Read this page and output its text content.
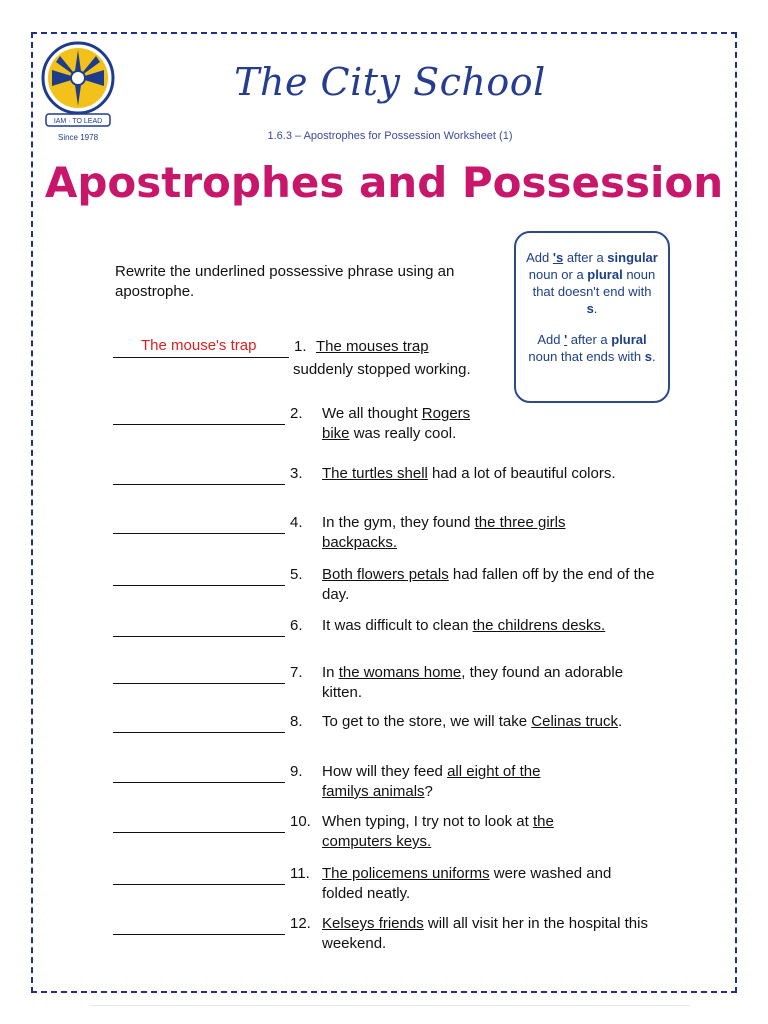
IAM · TO LEAD
Since 1978
The City School
1.6.3 – Apostrophes for Possession Worksheet (1)
Apostrophes and Possession
Rewrite the underlined possessive phrase using an apostrophe.

Add 's after a singular noun or a plural noun that doesn't end with s.

Add ' after a plural noun that ends with s.

The mouse's trap	1. The mouses trap
suddenly stopped working.
2. We all thought Rogers bike was really cool.
3. The turtles shell had a lot of beautiful colors.
4. In the gym, they found the three girls backpacks.
5. Both flowers petals had fallen off by the end of the day.
6. It was difficult to clean the childrens desks.
7. In the womans home, they found an adorable kitten.
8. To get to the store, we will take Celinas truck.
9. How will they feed all eight of the familys animals?
10. When typing, I try not to look at the computers keys.
11. The policemens uniforms were washed and folded neatly.
12. Kelseys friends will all visit her in the hospital this weekend.
